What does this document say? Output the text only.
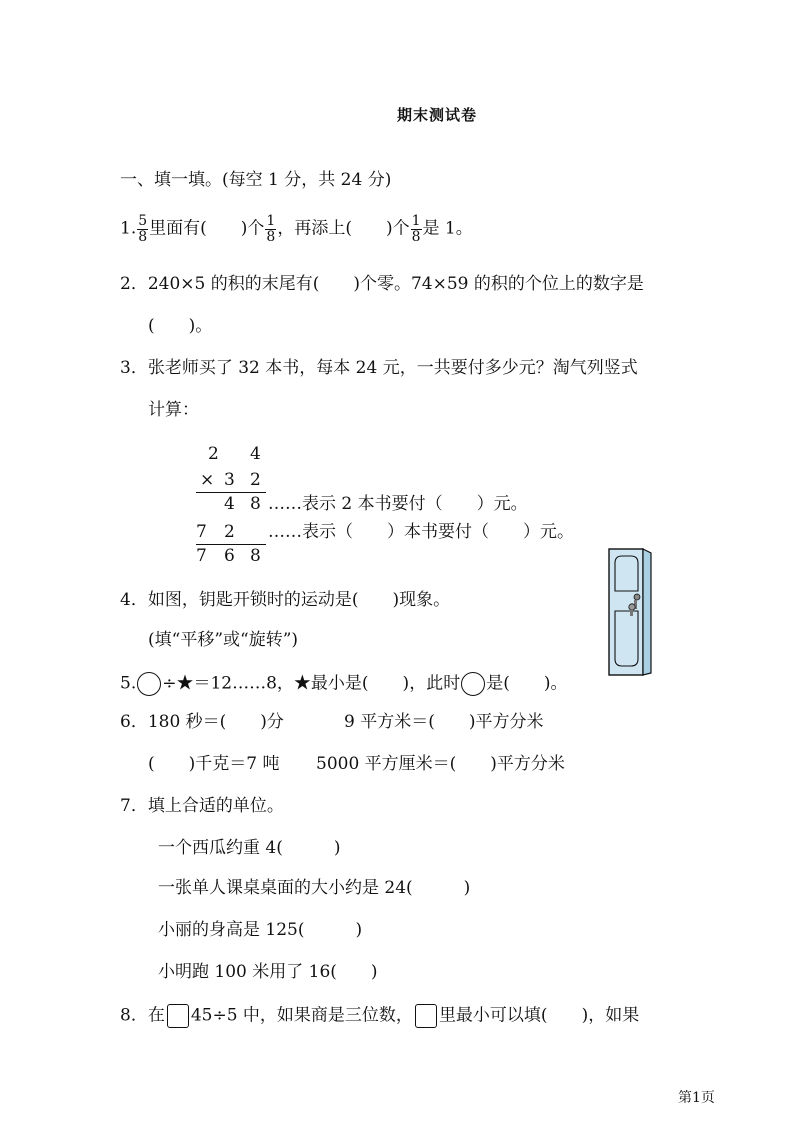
期末测试卷
一、填一填。(每空 1 分，共 24 分)
1. $\frac{5}{8}$ 里面有(　　)个 $\frac{1}{8}$ ，再添上(　　)个 $\frac{1}{8}$ 是 1。
2．240×5 的积的末尾有(　　)个零。74×59 的积的个位上的数字是
(　　)。
3．张老师买了 32 本书，每本 24 元，一共要付多少元？淘气列竖式
计算：
2 4
× 3 2
4 8 ……表示 2 本书要付（　　）元。
7 2 ……表示（　　）本书要付（　　）元。
7 6 8
4．如图，钥匙开锁时的运动是(　　)现象。
(填“平移”或“旋转”)
5. ÷★＝12……8，★最小是(　　)，此时 是(　　)。
6．180 秒＝(　　)分	9 平方米＝(　　)平方分米
(　　)千克＝7 吨 5000 平方厘米＝(　　)平方分米
7．填上合适的单位。
一个西瓜约重 4(　　　)
一张单人课桌桌面的大小约是 24(　　　)
小丽的身高是 125(　　　)
小明跑 100 米用了 16(　　)
8．在 45÷5 中，如果商是三位数， 里最小可以填(　　)，如果
第1页
